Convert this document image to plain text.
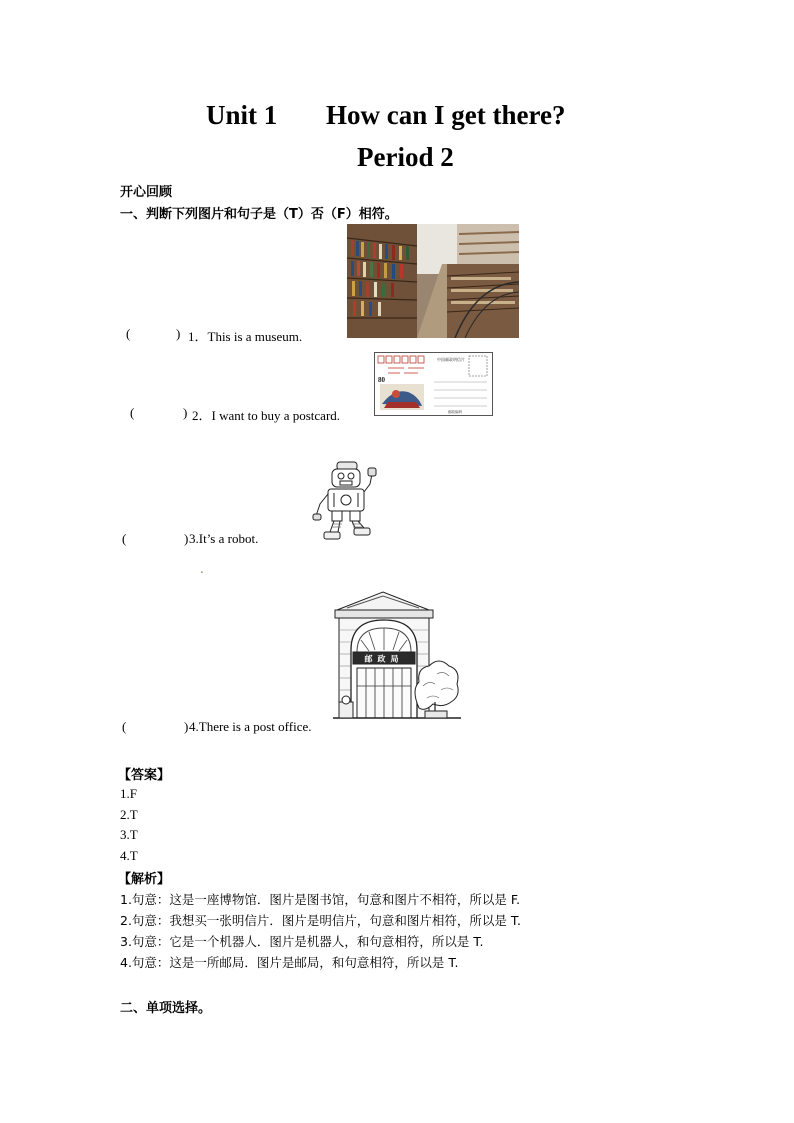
Unit 1 How can I get there?
Period 2
开心回顾
一、判断下列图片和句子是（T）否（F）相符。
(	) 1．This is a museum.
中国邮政明信片
80
邮政编码
(	) 2．I want to buy a postcard.
(	) 3.It’s a robot.
.
邮政局
(	) 4.There is a post office.
【答案】
1.F
2.T
3.T
4.T
【解析】
1.句意：这是一座博物馆．图片是图书馆，句意和图片不相符，所以是 F.
2.句意：我想买一张明信片．图片是明信片，句意和图片相符，所以是 T.
3.句意：它是一个机器人．图片是机器人，和句意相符，所以是 T.
4.句意：这是一所邮局．图片是邮局，和句意相符，所以是 T.
二、单项选择。
